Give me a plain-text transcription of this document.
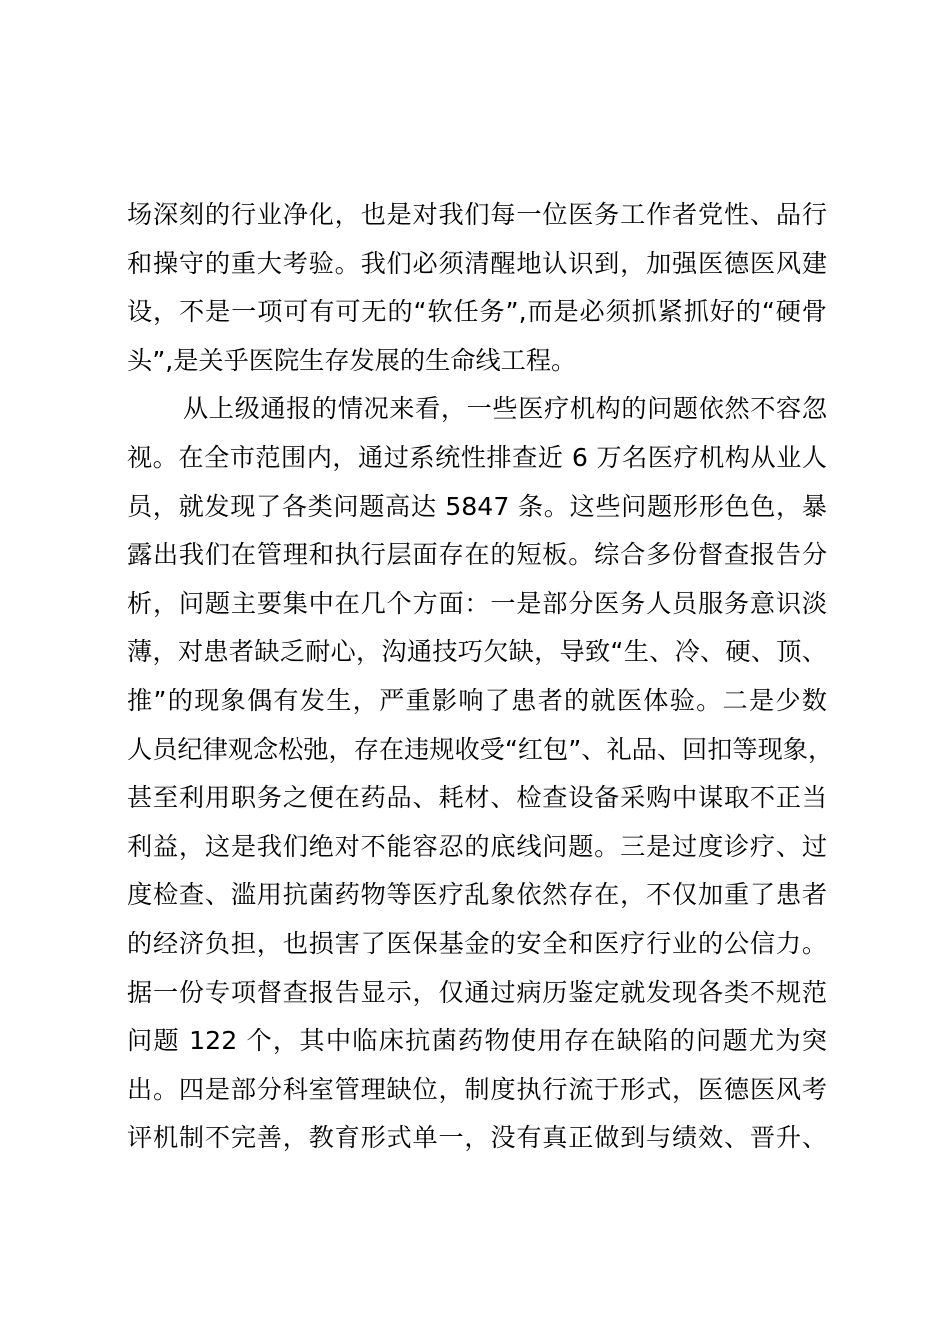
场深刻的行业净化，也是对我们每一位医务工作者党性、品行
和操守的重大考验。我们必须清醒地认识到，加强医德医风建
设，不是一项可有可无的“软任务”,而是必须抓紧抓好的“硬骨
头”,是关乎医院生存发展的生命线工程。
从上级通报的情况来看，一些医疗机构的问题依然不容忽
视。在全市范围内，通过系统性排查近 6 万名医疗机构从业人
员，就发现了各类问题高达 5847 条。这些问题形形色色，暴
露出我们在管理和执行层面存在的短板。综合多份督查报告分
析，问题主要集中在几个方面：一是部分医务人员服务意识淡
薄，对患者缺乏耐心，沟通技巧欠缺，导致“生、冷、硬、顶、
推”的现象偶有发生，严重影响了患者的就医体验。二是少数
人员纪律观念松弛，存在违规收受“红包”、礼品、回扣等现象，
甚至利用职务之便在药品、耗材、检查设备采购中谋取不正当
利益，这是我们绝对不能容忍的底线问题。三是过度诊疗、过
度检查、滥用抗菌药物等医疗乱象依然存在，不仅加重了患者
的经济负担，也损害了医保基金的安全和医疗行业的公信力。
据一份专项督查报告显示，仅通过病历鉴定就发现各类不规范
问题 122 个，其中临床抗菌药物使用存在缺陷的问题尤为突
出。四是部分科室管理缺位，制度执行流于形式，医德医风考
评机制不完善，教育形式单一，没有真正做到与绩效、晋升、
